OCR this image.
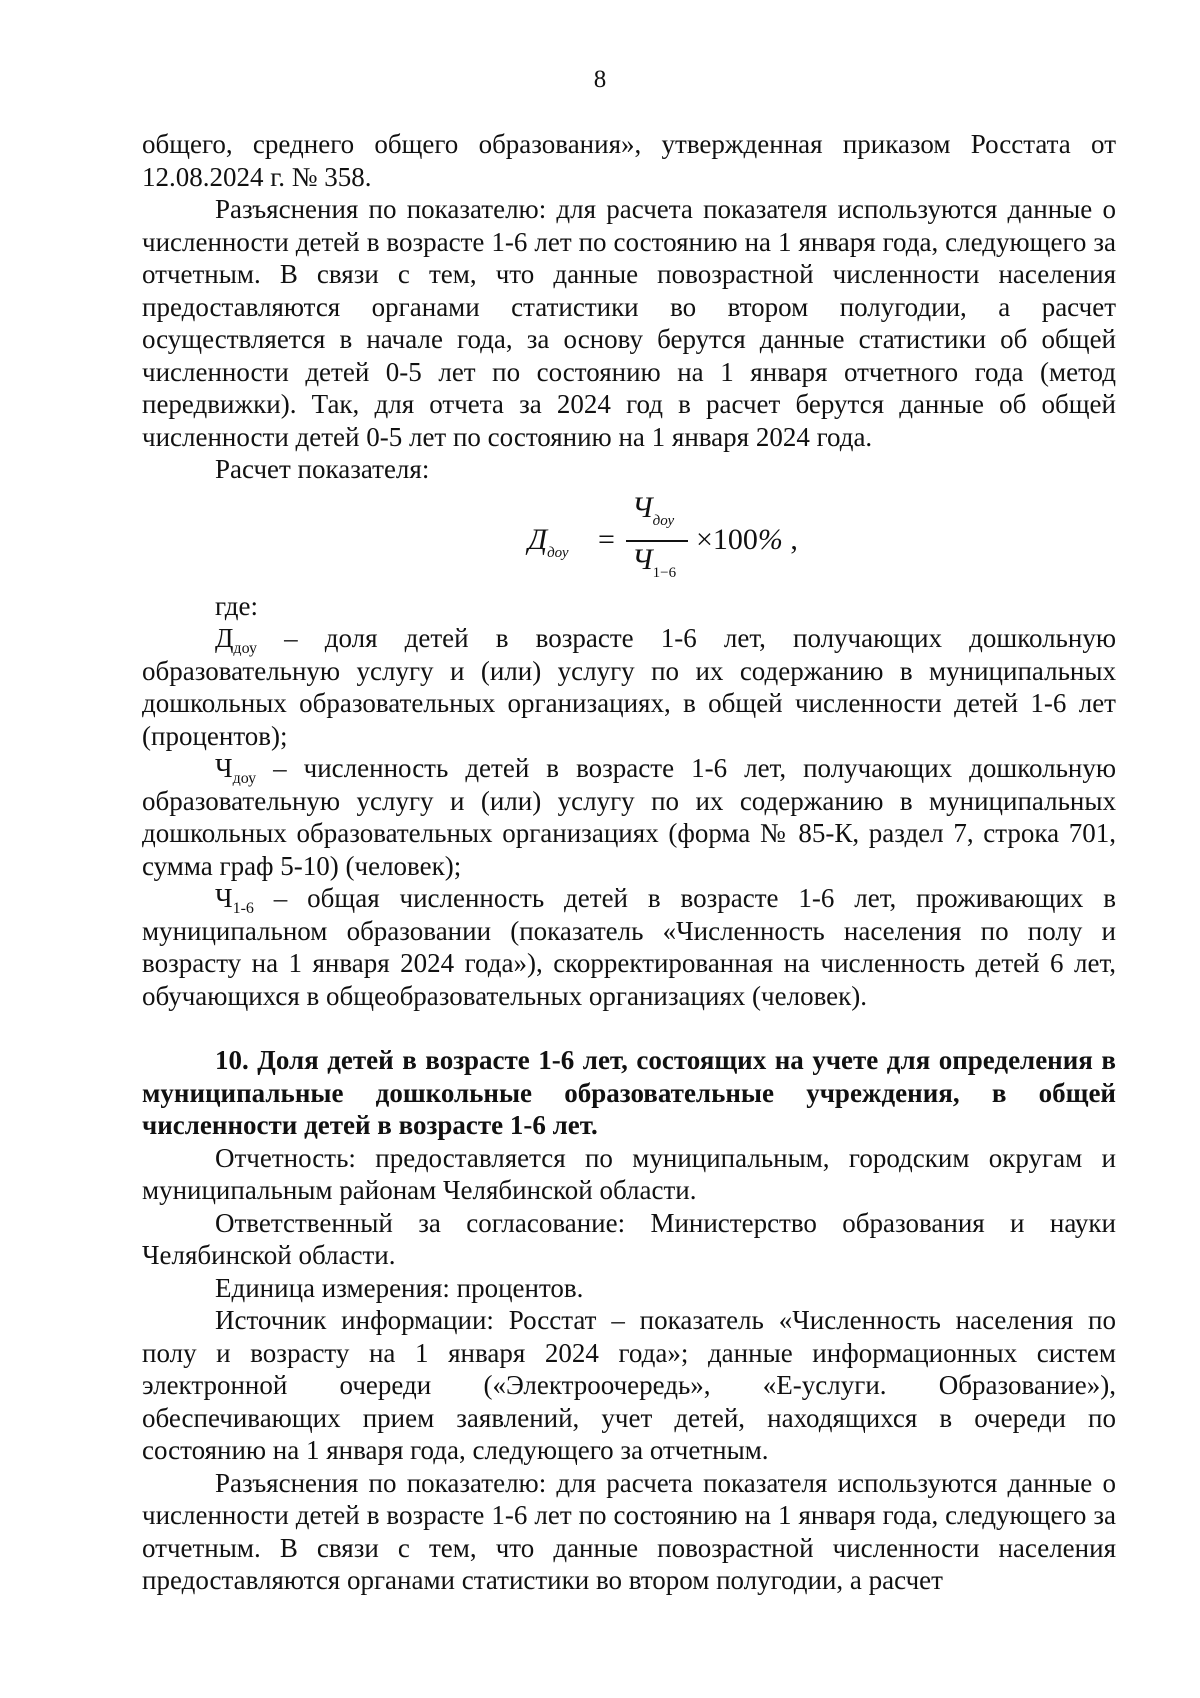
8

общего, среднего общего образования», утвержденная приказом Росстата от 12.08.2024 г. № 358.

Разъяснения по показателю: для расчета показателя используются данные о численности детей в возрасте 1-6 лет по состоянию на 1 января года, следующего за отчетным. В связи с тем, что данные повозрастной численности населения предоставляются органами статистики во втором полугодии, а расчет осуществляется в начале года, за основу берутся данные статистики об общей численности детей 0-5 лет по состоянию на 1 января отчетного года (метод передвижки). Так, для отчета за 2024 год в расчет берутся данные об общей численности детей 0-5 лет по состоянию на 1 января 2024 года.

Расчет показателя:

$Д_{доу}$ =
$Ч_{доу}$
$Ч_{1-6}$
×100% ,

где:

$Д_{доу}$ – доля детей в возрасте 1-6 лет, получающих дошкольную образовательную услугу и (или) услугу по их содержанию в муниципальных дошкольных образовательных организациях, в общей численности детей 1-6 лет (процентов);

$Ч_{доу}$ – численность детей в возрасте 1-6 лет, получающих дошкольную образовательную услугу и (или) услугу по их содержанию в муниципальных дошкольных образовательных организациях (форма № 85-К, раздел 7, строка 701, сумма граф 5-10) (человек);

$Ч_{1-6}$ – общая численность детей в возрасте 1-6 лет, проживающих в муниципальном образовании (показатель «Численность населения по полу и возрасту на 1 января 2024 года»), скорректированная на численность детей 6 лет, обучающихся в общеобразовательных организациях (человек).

10. Доля детей в возрасте 1-6 лет, состоящих на учете для определения в муниципальные дошкольные образовательные учреждения, в общей численности детей в возрасте 1-6 лет.

Отчетность: предоставляется по муниципальным, городским округам и муниципальным районам Челябинской области.

Ответственный за согласование: Министерство образования и науки Челябинской области.

Единица измерения: процентов.

Источник информации: Росстат – показатель «Численность населения по полу и возрасту на 1 января 2024 года»; данные информационных систем электронной очереди («Электроочередь», «Е-услуги. Образование»), обеспечивающих прием заявлений, учет детей, находящихся в очереди по состоянию на 1 января года, следующего за отчетным.

Разъяснения по показателю: для расчета показателя используются данные о численности детей в возрасте 1-6 лет по состоянию на 1 января года, следующего за отчетным. В связи с тем, что данные повозрастной численности населения предоставляются органами статистики во втором полугодии, а расчет
